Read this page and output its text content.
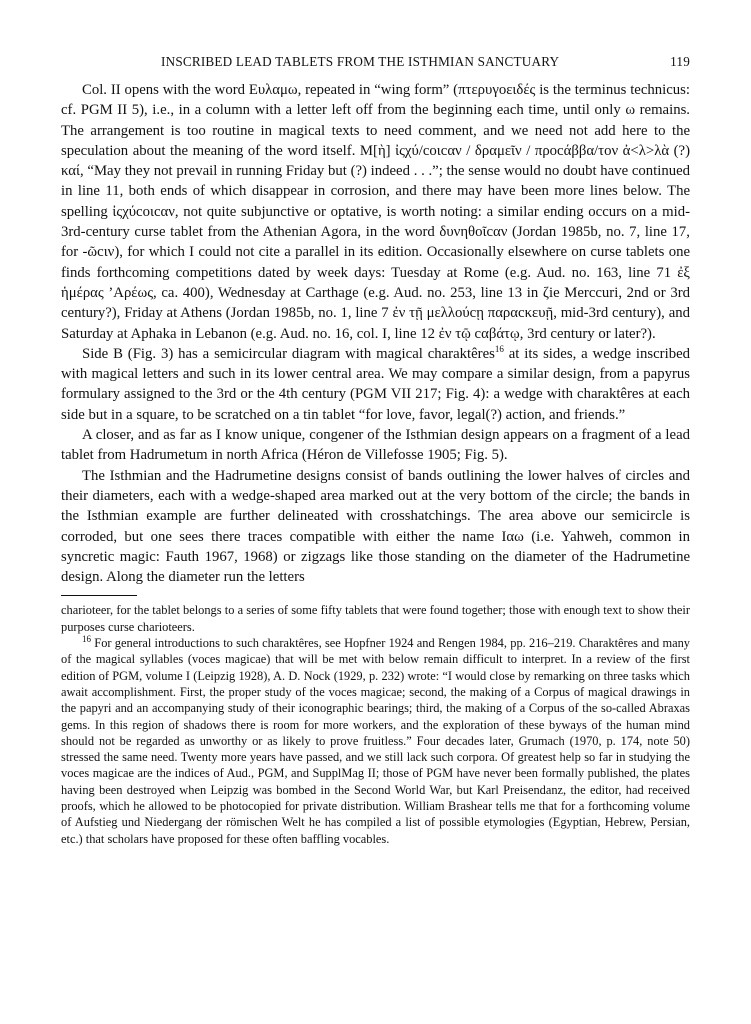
INSCRIBED LEAD TABLETS FROM THE ISTHMIAN SANCTUARY	119

Col. II opens with the word Ευλαμω, repeated in “wing form” (πτερυγοειδές is the terminus technicus: cf. PGM II 5), i.e., in a column with a letter left off from the beginning each time, until only ω remains. The arrangement is too routine in magical texts to need comment, and we need not add here to the speculation about the meaning of the word itself. Μ[ὴ] ἰςχύ/coιcαν / δραμεῖν / προcάββα/τον ἀ<λ>λὰ (?) καί, “May they not prevail in running Friday but (?) indeed . . .”; the sense would no doubt have continued in line 11, both ends of which disappear in corrosion, and there may have been more lines below. The spelling ἰςχύcοιcαν, not quite subjunctive or optative, is worth noting: a similar ending occurs on a mid-3rd-century curse tablet from the Athenian Agora, in the word δυνηθοῖcαν (Jordan 1985b, no. 7, line 17, for -ῶcιν), for which I could not cite a parallel in its edition. Occasionally elsewhere on curse tablets one finds forthcoming competitions dated by week days: Tuesday at Rome (e.g. Aud. no. 163, line 71 ἐξ ἡμέρας ’Αρέως, ca. 400), Wednesday at Carthage (e.g. Aud. no. 253, line 13 in ζie Merccuri, 2nd or 3rd century?), Friday at Athens (Jordan 1985b, no. 1, line 7 ἐν τῇ μελλούcῃ παραcκευῇ, mid-3rd century), and Saturday at Aphaka in Lebanon (e.g. Aud. no. 16, col. I, line 12 ἐν τῷ cαβάτῳ, 3rd century or later?).

Side B (Fig. 3) has a semicircular diagram with magical charaktêres$^{16}$ at its sides, a wedge inscribed with magical letters and such in its lower central area. We may compare a similar design, from a papyrus formulary assigned to the 3rd or the 4th century (PGM VII 217; Fig. 4): a wedge with charaktêres at each side but in a square, to be scratched on a tin tablet “for love, favor, legal(?) action, and friends.”

A closer, and as far as I know unique, congener of the Isthmian design appears on a fragment of a lead tablet from Hadrumetum in north Africa (Héron de Villefosse 1905; Fig. 5).

The Isthmian and the Hadrumetine designs consist of bands outlining the lower halves of circles and their diameters, each with a wedge-shaped area marked out at the very bottom of the circle; the bands in the Isthmian example are further delineated with crosshatchings. The area above our semicircle is corroded, but one sees there traces compatible with either the name Ιαω (i.e. Yahweh, common in syncretic magic: Fauth 1967, 1968) or zigzags like those standing on the diameter of the Hadrumetine design. Along the diameter run the letters

charioteer, for the tablet belongs to a series of some fifty tablets that were found together; those with enough text to show their purposes curse charioteers.

$^{16}$ For general introductions to such charaktêres, see Hopfner 1924 and Rengen 1984, pp. 216–219. Charaktêres and many of the magical syllables (voces magicae) that will be met with below remain difficult to interpret. In a review of the first edition of PGM, volume I (Leipzig 1928), A. D. Nock (1929, p. 232) wrote: “I would close by remarking on three tasks which await accomplishment. First, the proper study of the voces magicae; second, the making of a Corpus of magical drawings in the papyri and an accompanying study of their iconographic bearings; third, the making of a Corpus of the so-called Abraxas gems. In this region of shadows there is room for more workers, and the exploration of these byways of the human mind should not be regarded as unworthy or as likely to prove fruitless.” Four decades later, Grumach (1970, p. 174, note 50) stressed the same need. Twenty more years have passed, and we still lack such corpora. Of greatest help so far in studying the voces magicae are the indices of Aud., PGM, and SupplMag II; those of PGM have never been formally published, the plates having been destroyed when Leipzig was bombed in the Second World War, but Karl Preisendanz, the editor, had received proofs, which he allowed to be photocopied for private distribution. William Brashear tells me that for a forthcoming volume of Aufstieg und Niedergang der römischen Welt he has compiled a list of possible etymologies (Egyptian, Hebrew, Persian, etc.) that scholars have proposed for these often baffling vocables.
